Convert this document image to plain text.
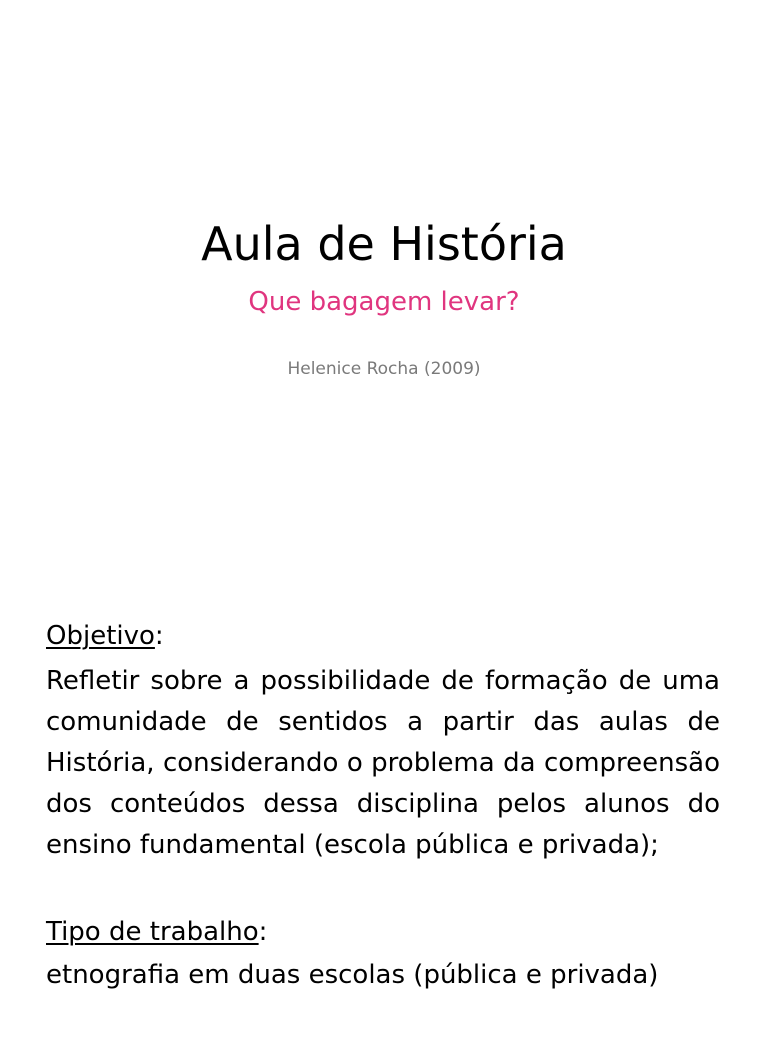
Aula de História
Que bagagem levar?
Helenice Rocha (2009)
Objetivo:

Refletir sobre a possibilidade de formação de uma comunidade de sentidos a partir das aulas de História, considerando o problema da compreensão dos conteúdos dessa disciplina pelos alunos do ensino fundamental (escola pública e privada);

Tipo de trabalho:

etnografia em duas escolas (pública e privada)
